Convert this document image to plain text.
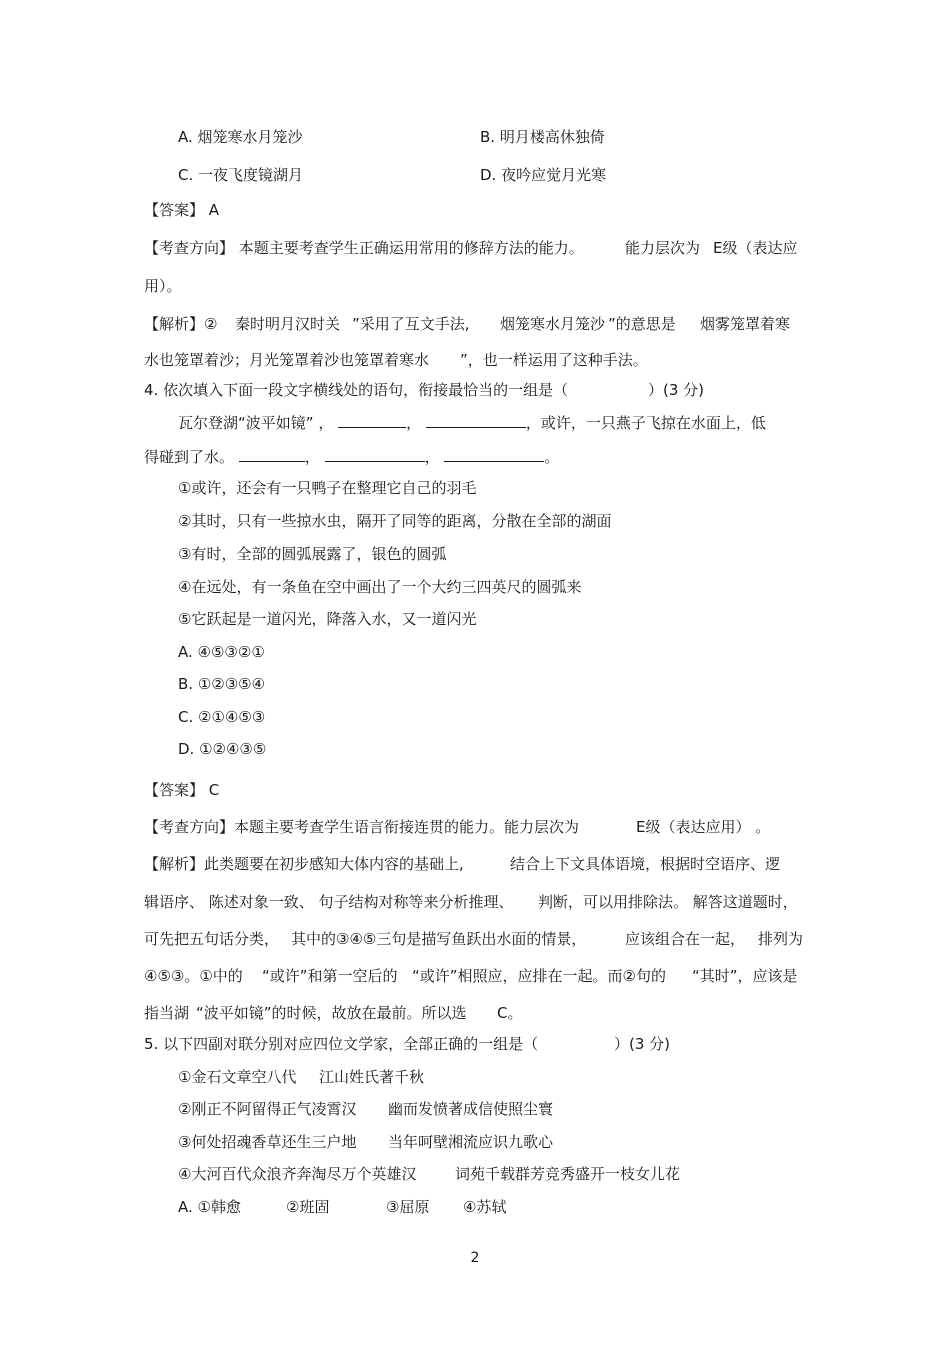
A. 烟笼寒水月笼沙	B. 明月楼高休独倚
C. 一夜飞度镜湖月	D. 夜吟应觉月光寒
【答案】 A
【考查方向】 本题主要考查学生正确运用常用的修辞方法的能力。	能力层次为 E级（表达应
用）。
【解析】② 秦时明月汉时关 ”采用了互文手法, 烟笼寒水月笼沙 ”的意思是 烟雾笼罩着寒
水也笼罩着沙；月光笼罩着沙也笼罩着寒水 ”，也一样运用了这种手法。
4. 依次填入下面一段文字横线处的语句，衔接最恰当的一组是（	）(3 分)
瓦尔登湖“波平如镜” ，	，	，或许，一只燕子飞掠在水面上，低
得碰到了水。	，	，	。
①或许，还会有一只鸭子在整理它自己的羽毛
②其时，只有一些掠水虫，隔开了同等的距离，分散在全部的湖面
③有时，全部的圆弧展露了，银色的圆弧
④在远处，有一条鱼在空中画出了一个大约三四英尺的圆弧来
⑤它跃起是一道闪光，降落入水，又一道闪光
A. ④⑤③②①
B. ①②③⑤④
C. ②①④⑤③
D. ①②④③⑤
【答案】 C
【考查方向】本题主要考查学生语言衔接连贯的能力。能力层次为	E级（表达应用） 。
【解析】此类题要在初步感知大体内容的基础上,	结合上下文具体语境，根据时空语序、逻
辑语序、 陈述对象一致、 句子结构对称等来分析推理、 判断，可以用排除法。 解答这道题时，
可先把五句话分类， 其中的③④⑤三句是描写鱼跃出水面的情景，	应该组合在一起， 排列为
④⑤③。①中的 “或许”和第一空后的 “或许”相照应，应排在一起。而②句的 “其时”，应该是
指当湖 “波平如镜”的时候，故放在最前。所以选 C。
5. 以下四副对联分别对应四位文学家，全部正确的一组是（	）(3 分)
①金石文章空八代 江山姓氏著千秋
②刚正不阿留得正气凌霄汉 幽而发愤著成信使照尘寰
③何处招魂香草还生三户地 当年呵壁湘流应识九歌心
④大河百代众浪齐奔淘尽万个英雄汉	词苑千载群芳竞秀盛开一枝女儿花
A. ①韩愈	②班固	③屈原 ④苏轼
2
